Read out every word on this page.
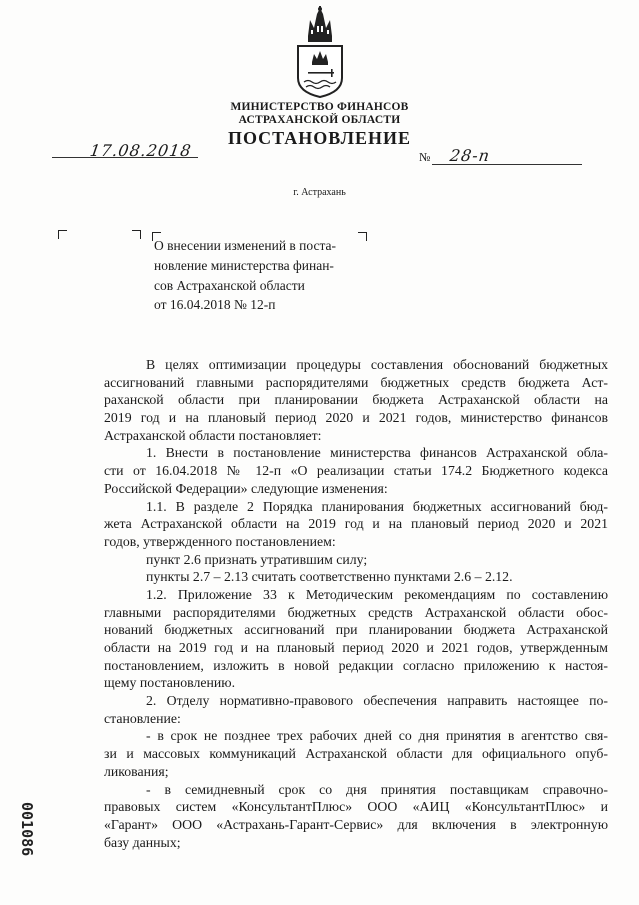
МИНИСТЕРСТВО ФИНАНСОВ
АСТРАХАНСКОЙ ОБЛАСТИ
ПОСТАНОВЛЕНИЕ
17.08.2018	№ 28-п
г. Астрахань
О внесении изменений в поста-
новление министерства финан-
сов Астраханской области
от 16.04.2018 № 12-п
В целях оптимизации процедуры составления обоснований бюджетных
ассигнований главными распорядителями бюджетных средств бюджета Аст-
раханской области при планировании бюджета Астраханской области на
2019 год и на плановый период 2020 и 2021 годов, министерство финансов
Астраханской области постановляет:
1. Внести в постановление министерства финансов Астраханской обла-
сти от 16.04.2018 № 12-п «О реализации статьи 174.2 Бюджетного кодекса
Российской Федерации» следующие изменения:
1.1. В разделе 2 Порядка планирования бюджетных ассигнований бюд-
жета Астраханской области на 2019 год и на плановый период 2020 и 2021
годов, утвержденного постановлением:
пункт 2.6 признать утратившим силу;
пункты 2.7 – 2.13 считать соответственно пунктами 2.6 – 2.12.
1.2. Приложение 33 к Методическим рекомендациям по составлению
главными распорядителями бюджетных средств Астраханской области обос-
нований бюджетных ассигнований при планировании бюджета Астраханской
области на 2019 год и на плановый период 2020 и 2021 годов, утвержденным
постановлением, изложить в новой редакции согласно приложению к настоя-
щему постановлению.
2. Отделу нормативно-правового обеспечения направить настоящее по-
становление:
- в срок не позднее трех рабочих дней со дня принятия в агентство свя-
зи и массовых коммуникаций Астраханской области для официального опуб-
ликования;
- в семидневный срок со дня принятия поставщикам справочно-
правовых систем «КонсультантПлюс» ООО «АИЦ «КонсультантПлюс» и
«Гарант» ООО «Астрахань-Гарант-Сервис» для включения в электронную
базу данных;
001086
